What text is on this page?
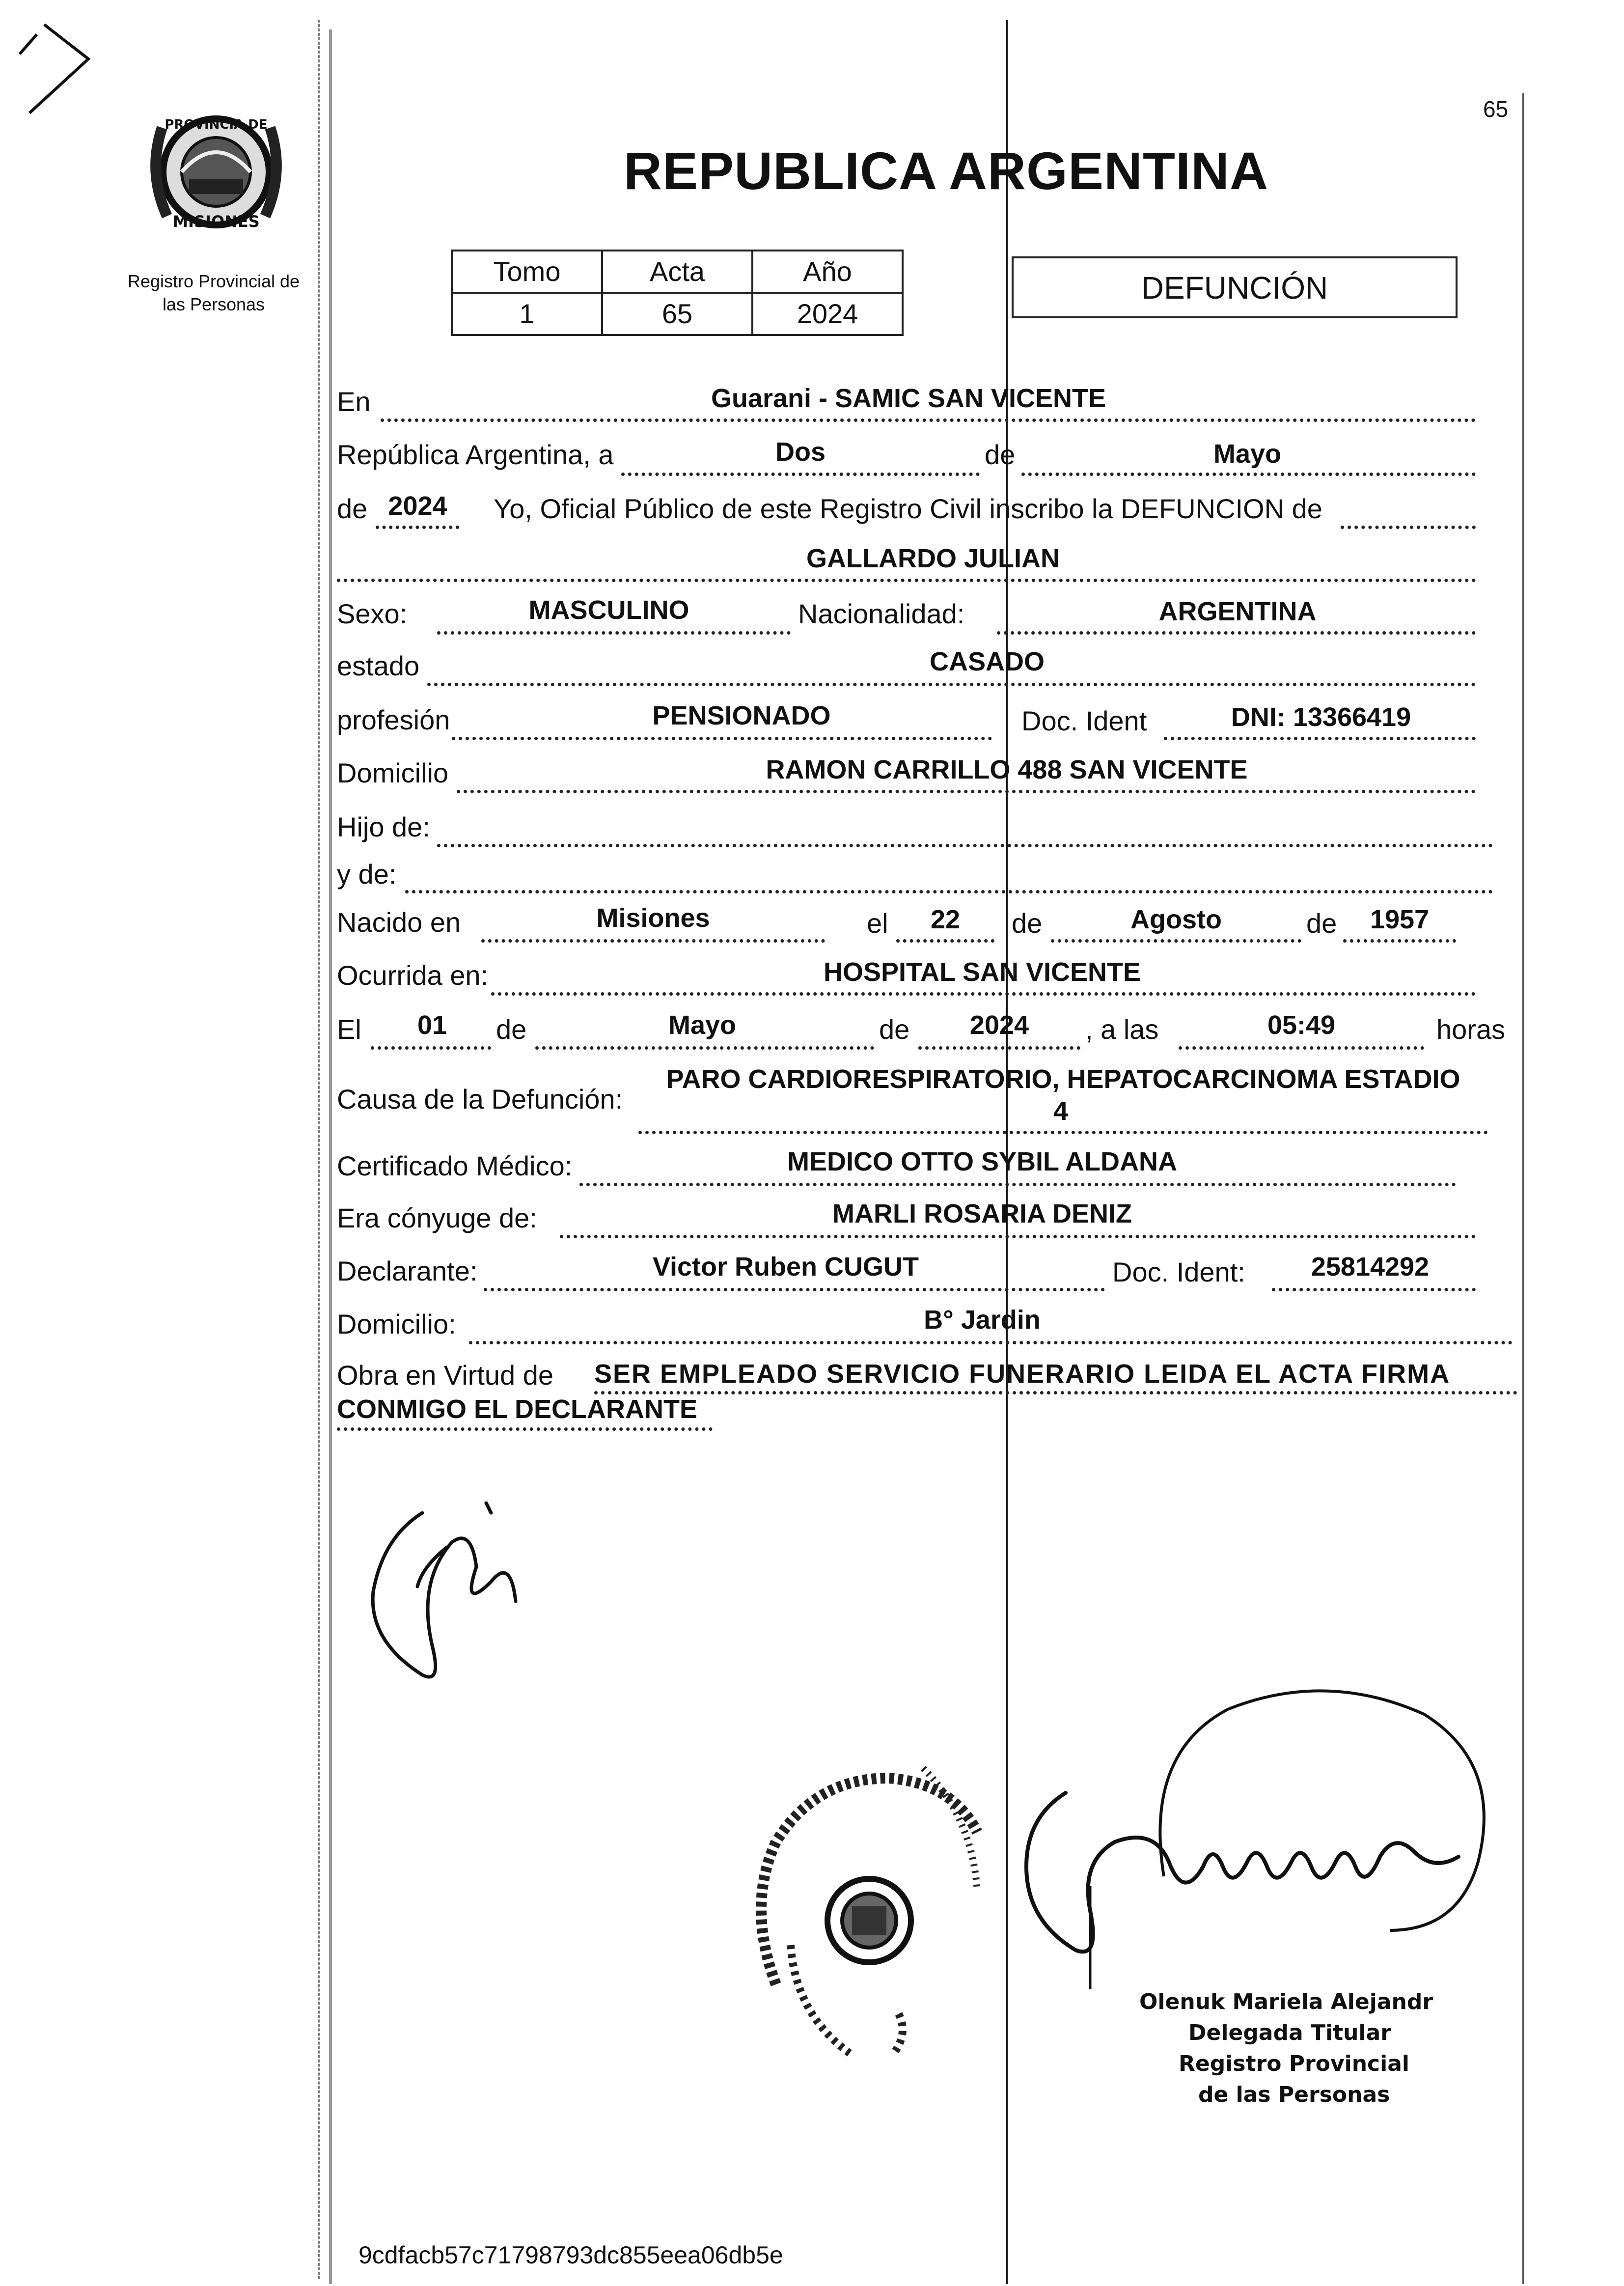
PROVINCIA DE
MISIONES
Registro Provincial de
las Personas
65
REPUBLICA ARGENTINA
Tomo	Acta	Año
1	65	2024
DEFUNCIÓN
En	Guarani - SAMIC SAN VICENTE
República Argentina, a	Dos	de	Mayo
de 2024	Yo, Oficial Público de este Registro Civil inscribo la DEFUNCION de
GALLARDO JULIAN
Sexo:	MASCULINO	Nacionalidad:	ARGENTINA
estado	CASADO
profesión	PENSIONADO	Doc. Ident	DNI: 13366419
Domicilio	RAMON CARRILLO 488 SAN VICENTE
Hijo de:
y de:
Nacido en	Misiones	el	22	de	Agosto	de	1957
Ocurrida en:	HOSPITAL SAN VICENTE
El	01	de	Mayo	de	2024	, a las	05:49	horas
Causa de la Defunción:
PARO CARDIORESPIRATORIO, HEPATOCARCINOMA ESTADIO
4
Certificado Médico:	MEDICO OTTO SYBIL ALDANA
Era cónyuge de:	MARLI ROSARIA DENIZ
Declarante:	Victor Ruben CUGUT	Doc. Ident:	25814292
Domicilio:	B° Jardin
Obra en Virtud de SER EMPLEADO SERVICIO FUNERARIO LEIDA EL ACTA FIRMA
CONMIGO EL DECLARANTE
Olenuk Mariela Alejandr
Delegada Titular
Registro Provincial
de las Personas
9cdfacb57c71798793dc855eea06db5e
